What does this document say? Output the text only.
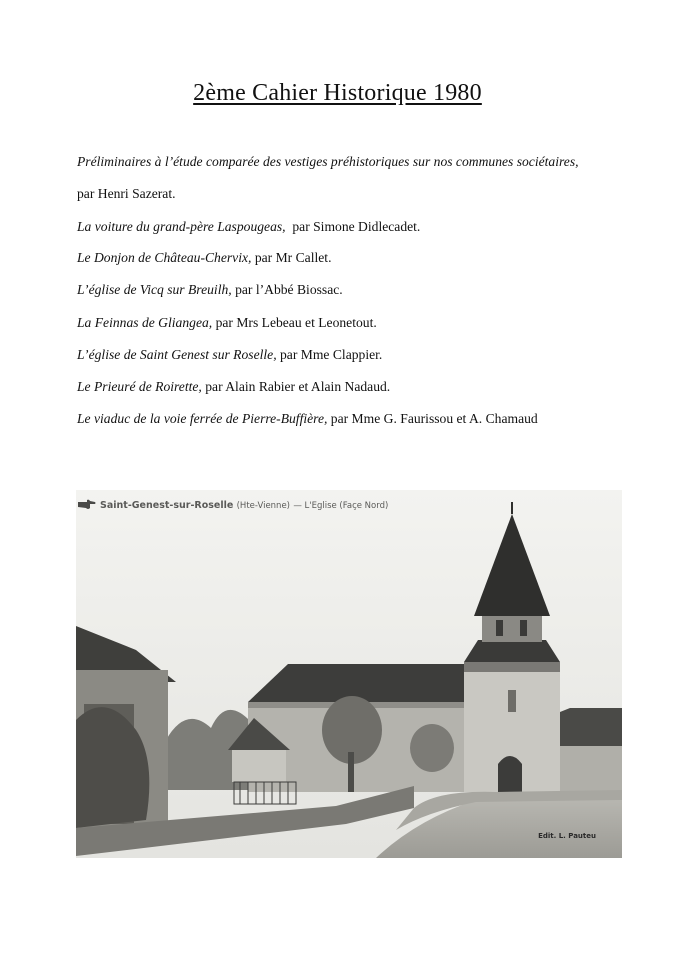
2ème Cahier Historique 1980
Préliminaires à l’étude comparée des vestiges préhistoriques sur nos communes sociétaires,
par Henri Sazerat.
La voiture du grand-père Laspougeas, par Simone Didlecadet.
Le Donjon de Château-Chervix, par Mr Callet.
L’église de Vicq sur Breuilh, par l’Abbé Biossac.
La Feinnas de Gliangea, par Mrs Lebeau et Leonetout.
L’église de Saint Genest sur Roselle, par Mme Clappier.
Le Prieuré de Roirette, par Alain Rabier et Alain Nadaud.
Le viaduc de la voie ferrée de Pierre-Buffière, par Mme G. Faurissou et A. Chamaud
Saint-Genest-sur-Roselle (Hte-Vienne) — L'Eglise (Façe Nord)
Edit. L. Pauteu
